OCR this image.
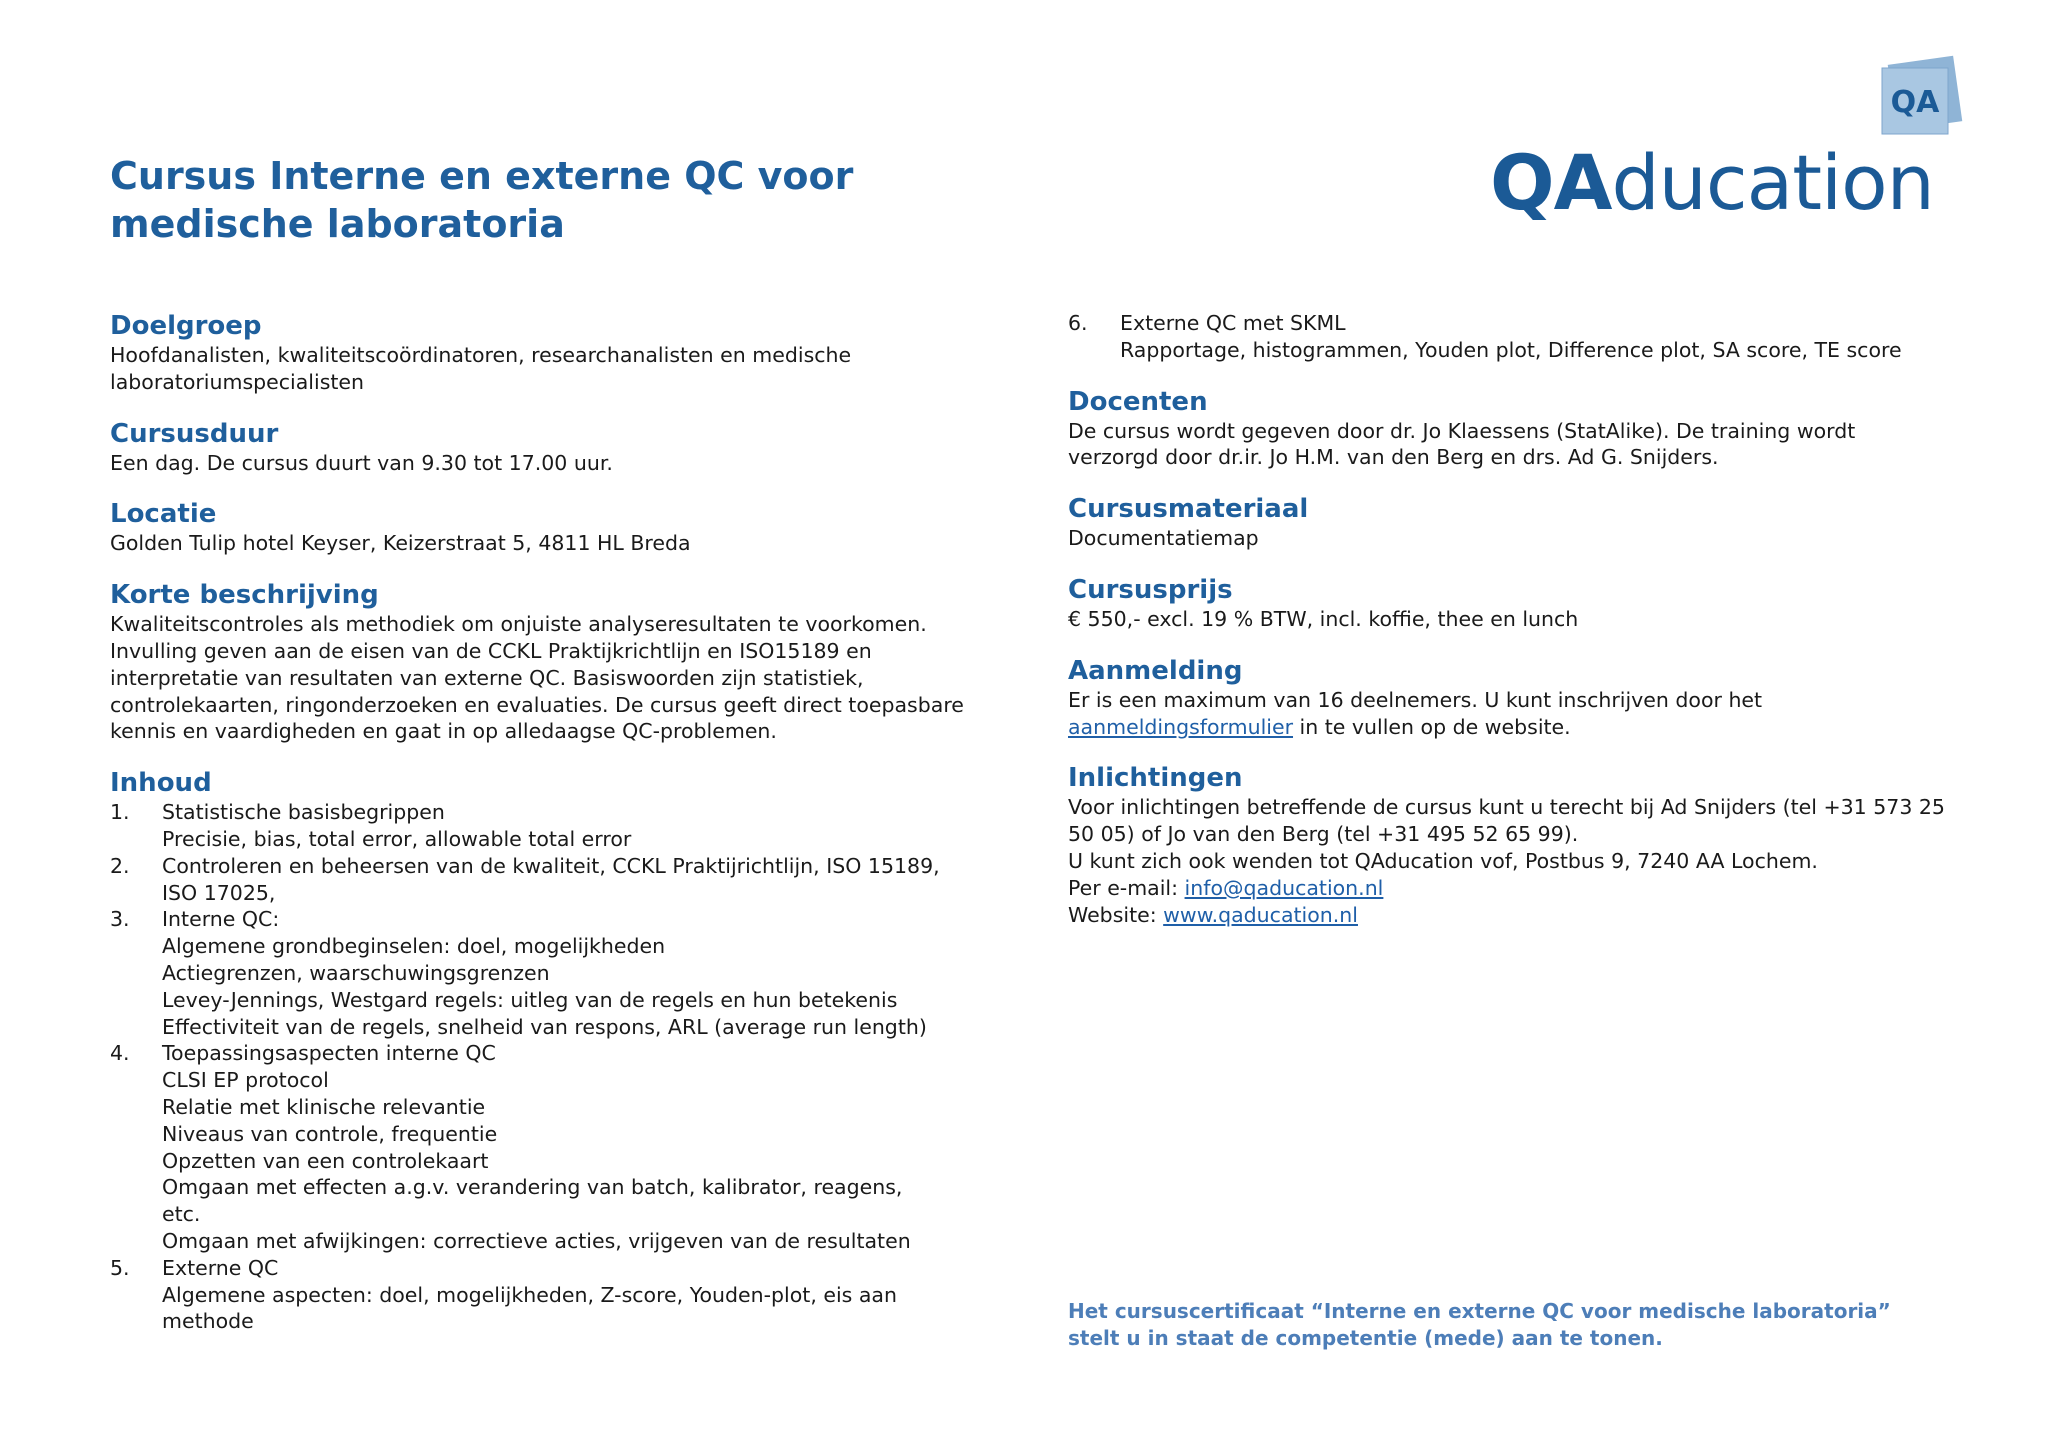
Cursus Interne en externe QC voor medische laboratoria
QA
QAducation
Doelgroep

Hoofdanalisten, kwaliteitscoördinatoren, researchanalisten en medische laboratoriumspecialisten

Cursusduur

Een dag. De cursus duurt van 9.30 tot 17.00 uur.

Locatie

Golden Tulip hotel Keyser, Keizerstraat 5, 4811 HL Breda

Korte beschrijving

Kwaliteitscontroles als methodiek om onjuiste analyseresultaten te voorkomen. Invulling geven aan de eisen van de CCKL Praktijkrichtlijn en ISO15189 en interpretatie van resultaten van externe QC. Basiswoorden zijn statistiek, controlekaarten, ringonderzoeken en evaluaties. De cursus geeft direct toepasbare kennis en vaardigheden en gaat in op alledaagse QC-problemen.

Inhoud
1. Statistische basisbegrippen
Precisie, bias, total error, allowable total error
2. Controleren en beheersen van de kwaliteit, CCKL Praktijrichtlijn, ISO 15189,
ISO 17025,
3. Interne QC:
Algemene grondbeginselen: doel, mogelijkheden
Actiegrenzen, waarschuwingsgrenzen
Levey-Jennings, Westgard regels: uitleg van de regels en hun betekenis
Effectiviteit van de regels, snelheid van respons, ARL (average run length)
4. Toepassingsaspecten interne QC
CLSI EP protocol
Relatie met klinische relevantie
Niveaus van controle, frequentie
Opzetten van een controlekaart
Omgaan met effecten a.g.v. verandering van batch, kalibrator, reagens,
etc.
Omgaan met afwijkingen: correctieve acties, vrijgeven van de resultaten
5. Externe QC
Algemene aspecten: doel, mogelijkheden, Z-score, Youden-plot, eis aan
methode
6. Externe QC met SKML
Rapportage, histogrammen, Youden plot, Difference plot, SA score, TE score
Docenten

De cursus wordt gegeven door dr. Jo Klaessens (StatAlike). De training wordt verzorgd door dr.ir. Jo H.M. van den Berg en drs. Ad G. Snijders.

Cursusmateriaal

Documentatiemap

Cursusprijs

€ 550,- excl. 19 % BTW, incl. koffie, thee en lunch

Aanmelding

Er is een maximum van 16 deelnemers. U kunt inschrijven door het aanmeldingsformulier in te vullen op de website.

Inlichtingen

Voor inlichtingen betreffende de cursus kunt u terecht bij Ad Snijders (tel +31 573 25 50 05) of Jo van den Berg (tel +31 495 52 65 99).

U kunt zich ook wenden tot QAducation vof, Postbus 9, 7240 AA Lochem.

Per e-mail: info@qaducation.nl

Website: www.qaducation.nl

Het cursuscertificaat “Interne en externe QC voor medische laboratoria” stelt u in staat de competentie (mede) aan te tonen.
